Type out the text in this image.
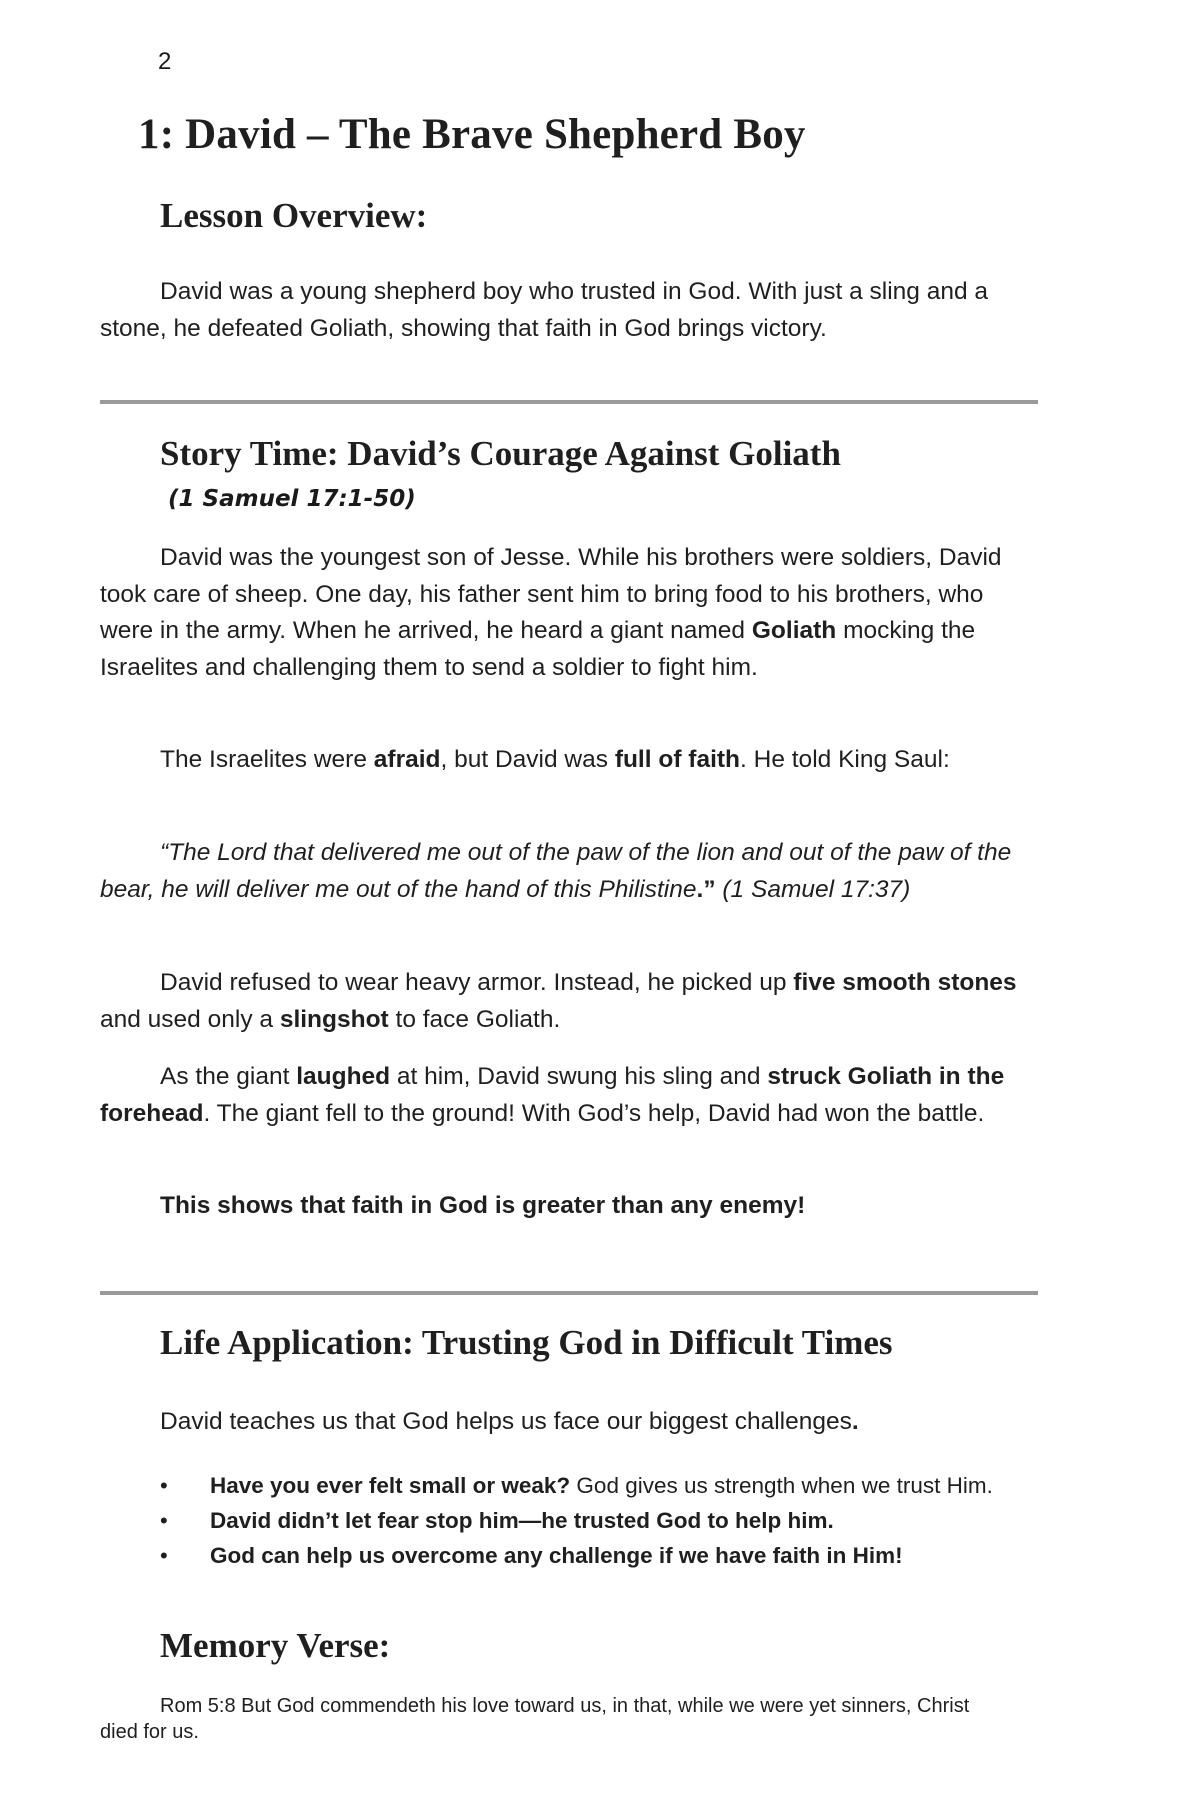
2
1: David – The Brave Shepherd Boy
Lesson Overview:

David was a young shepherd boy who trusted in God. With just a sling and a stone, he defeated Goliath, showing that faith in God brings victory.

Story Time: David’s Courage Against Goliath

(1 Samuel 17:1-50)

David was the youngest son of Jesse. While his brothers were soldiers, David took care of sheep. One day, his father sent him to bring food to his brothers, who were in the army. When he arrived, he heard a giant named Goliath mocking the Israelites and challenging them to send a soldier to fight him.

The Israelites were afraid, but David was full of faith. He told King Saul:

“The Lord that delivered me out of the paw of the lion and out of the paw of the bear, he will deliver me out of the hand of this Philistine.” (1 Samuel 17:37)

David refused to wear heavy armor. Instead, he picked up five smooth stones and used only a slingshot to face Goliath.

As the giant laughed at him, David swung his sling and struck Goliath in the forehead. The giant fell to the ground! With God’s help, David had won the battle.

This shows that faith in God is greater than any enemy!

Life Application: Trusting God in Difficult Times

David teaches us that God helps us face our biggest challenges.

• Have you ever felt small or weak? God gives us strength when we trust Him.
• David didn’t let fear stop him—he trusted God to help him.
• God can help us overcome any challenge if we have faith in Him!
Memory Verse:

Rom 5:8 But God commendeth his love toward us, in that, while we were yet sinners, Christ died for us.
